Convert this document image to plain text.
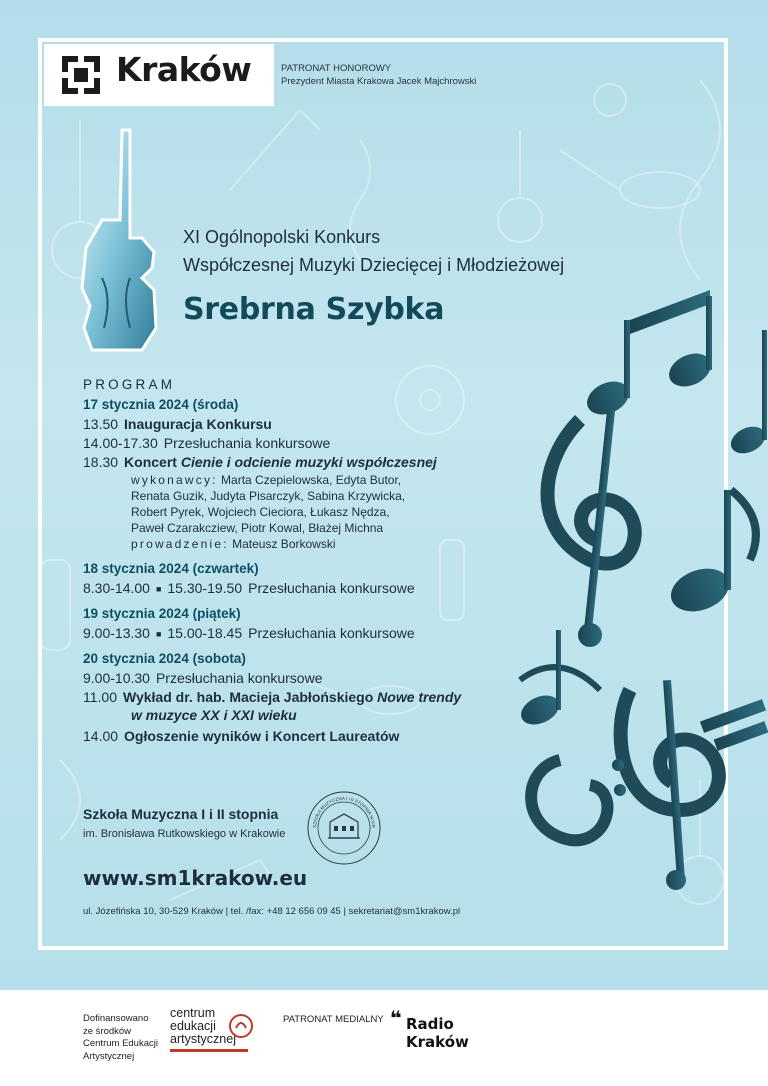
Kraków	PATRONAT HONOROWY
Prezydent Miasta Krakowa Jacek Majchrowski
XI Ogólnopolski Konkurs
Współczesnej Muzyki Dziecięcej i Młodzieżowej
Srebrna Szybka
PROGRAM
17 stycznia 2024 (środa)
13.50 Inauguracja Konkursu
14.00-17.30 Przesłuchania konkursowe
18.30 Koncert Cienie i odcienie muzyki współczesnej
wykonawcy: Marta Czepielowska, Edyta Butor,
Renata Guzik, Judyta Pisarczyk, Sabina Krzywicka,
Robert Pyrek, Wojciech Cieciora, Łukasz Nędza,
Paweł Czarakcziew, Piotr Kowal, Błażej Michna
prowadzenie: Mateusz Borkowski
18 stycznia 2024 (czwartek)
8.30-14.00 ■ 15.30-19.50 Przesłuchania konkursowe
19 stycznia 2024 (piątek)
9.00-13.30 ■ 15.00-18.45 Przesłuchania konkursowe
20 stycznia 2024 (sobota)
9.00-10.30 Przesłuchania konkursowe
11.00 Wykład dr. hab. Macieja Jabłońskiego Nowe trendy
w muzyce XX i XXI wieku
14.00 Ogłoszenie wyników i Koncert Laureatów
Szkoła Muzyczna I i II stopnia
im. Bronisława Rutkowskiego w Krakowie
SZKOŁA MUZYCZNA I i II STOPNIA W KR
www.sm1krakow.eu
ul. Józefińska 10, 30-529 Kraków | tel. /fax: +48 12 656 09 45 | sekretariat@sm1krakow.pl
Dofinansowano
ze środków
Centrum Edukacji
Artystycznej
centrum
edukacji
artystycznej
PATRONAT MEDIALNY ❝ Radio
Kraków
